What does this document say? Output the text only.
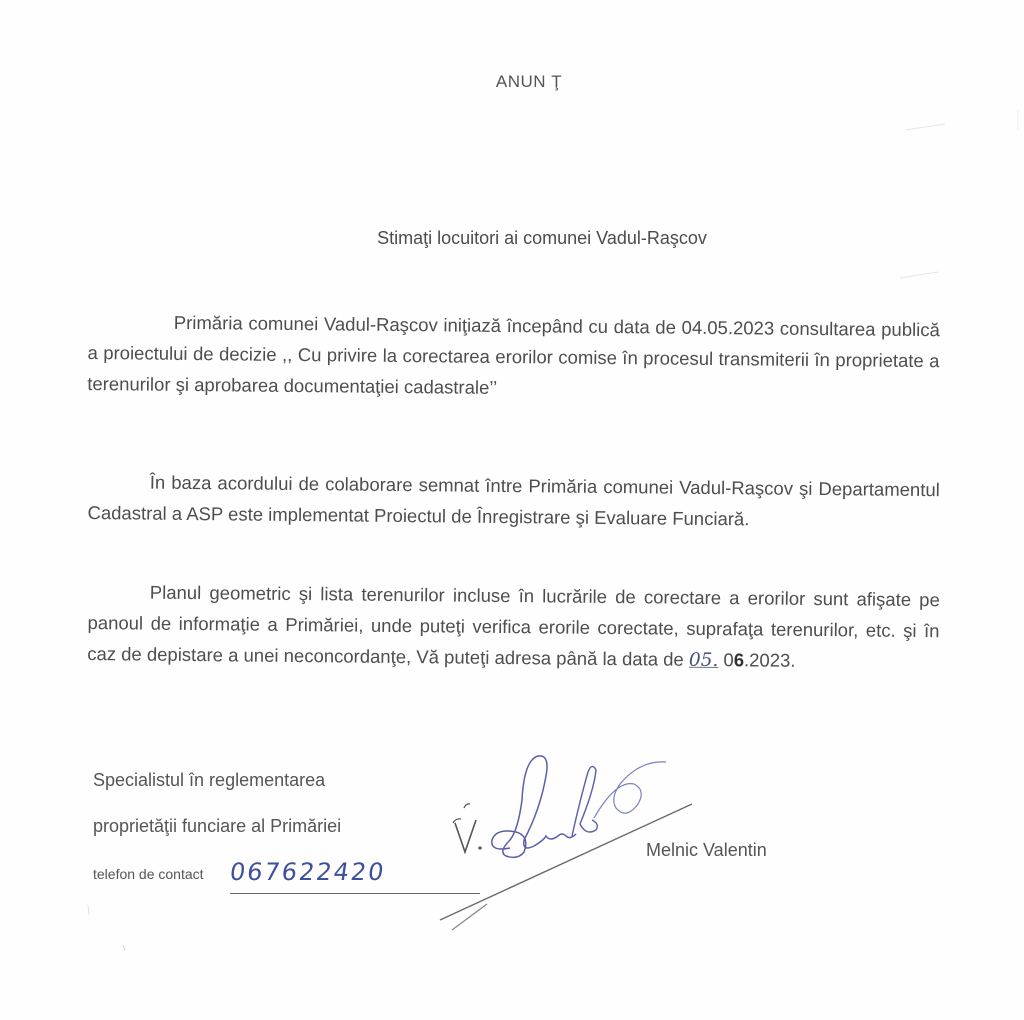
ANUN Ţ
Stimaţi locuitori ai comunei Vadul-Raşcov
Primăria comunei Vadul-Raşcov iniţiază începând cu data de 04.05.2023 consultarea publică a proiectului de decizie ,, Cu privire la corectarea erorilor comise în procesul transmiterii în proprietate a terenurilor şi aprobarea documentaţiei cadastrale’’
În baza acordului de colaborare semnat între Primăria comunei Vadul-Raşcov şi Departamentul Cadastral a ASP este implementat Proiectul de Înregistrare şi Evaluare Funciară.
Planul geometric şi lista terenurilor incluse în lucrările de corectare a erorilor sunt afişate pe panoul de informaţie a Primăriei, unde puteţi verifica erorile corectate, suprafaţa terenurilor, etc. şi în caz de depistare a unei neconcordanţe, Vă puteţi adresa până la data de 05. 06.2023.
Specialistul în reglementarea
proprietăţii funciare al Primăriei
telefon de contact 067622420
Melnic Valentin
